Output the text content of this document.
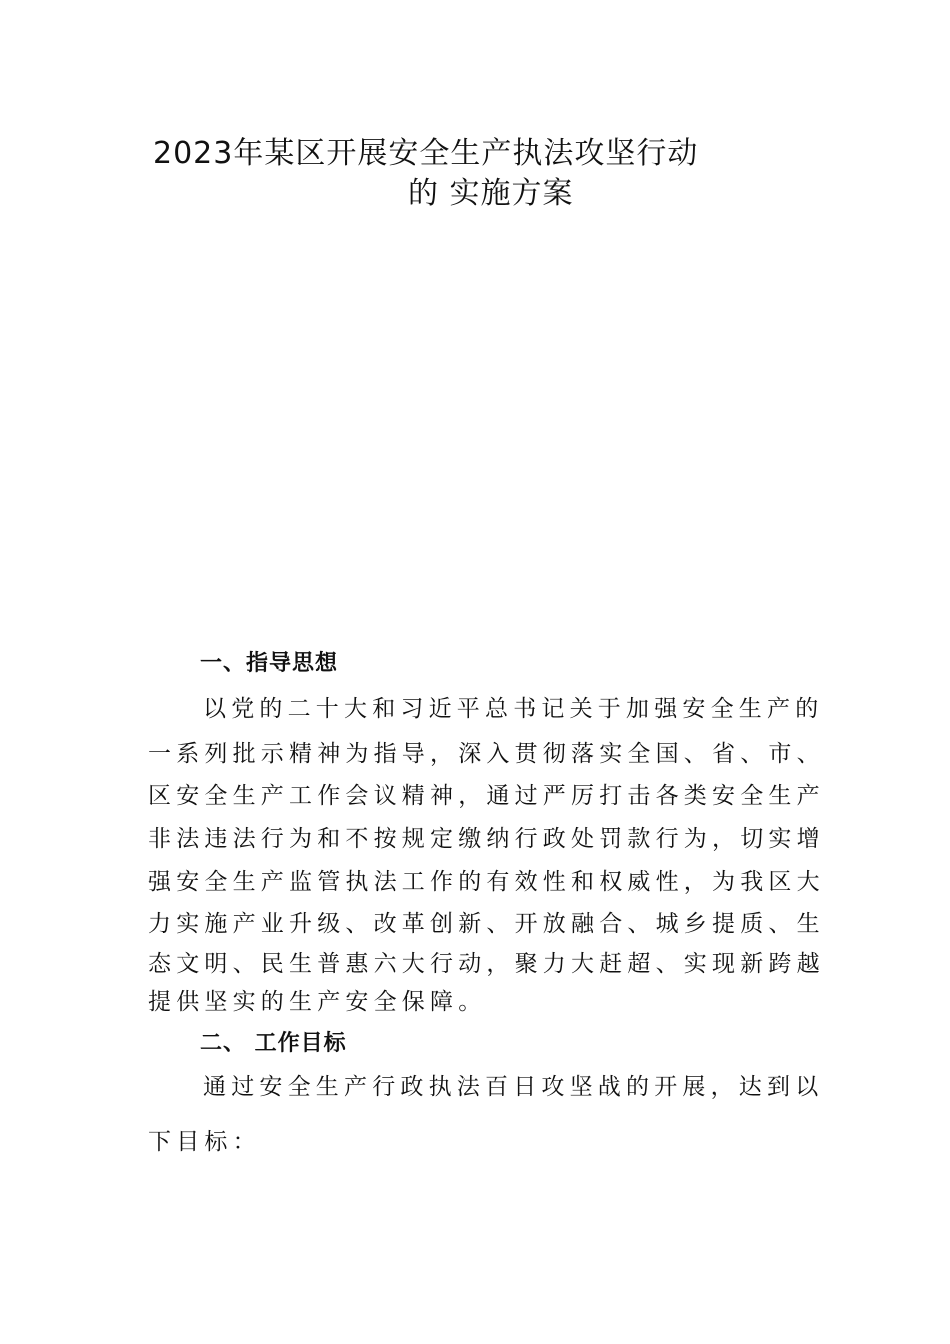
2023年某区开展安全生产执法攻坚行动
的 实施方案
一、指导思想
以党的二十大和习近平总书记关于加强安全生产的
一系列批示精神为指导，深入贯彻落实全国、省、市、
区安全生产工作会议精神，通过严厉打击各类安全生产
非法违法行为和不按规定缴纳行政处罚款行为，切实增
强安全生产监管执法工作的有效性和权威性，为我区大
力实施产业升级、改革创新、开放融合、城乡提质、生
态文明、民生普惠六大行动，聚力大赶超、实现新跨越
提供坚实的生产安全保障。
二、 工作目标
通过安全生产行政执法百日攻坚战的开展，达到以
下目标：
